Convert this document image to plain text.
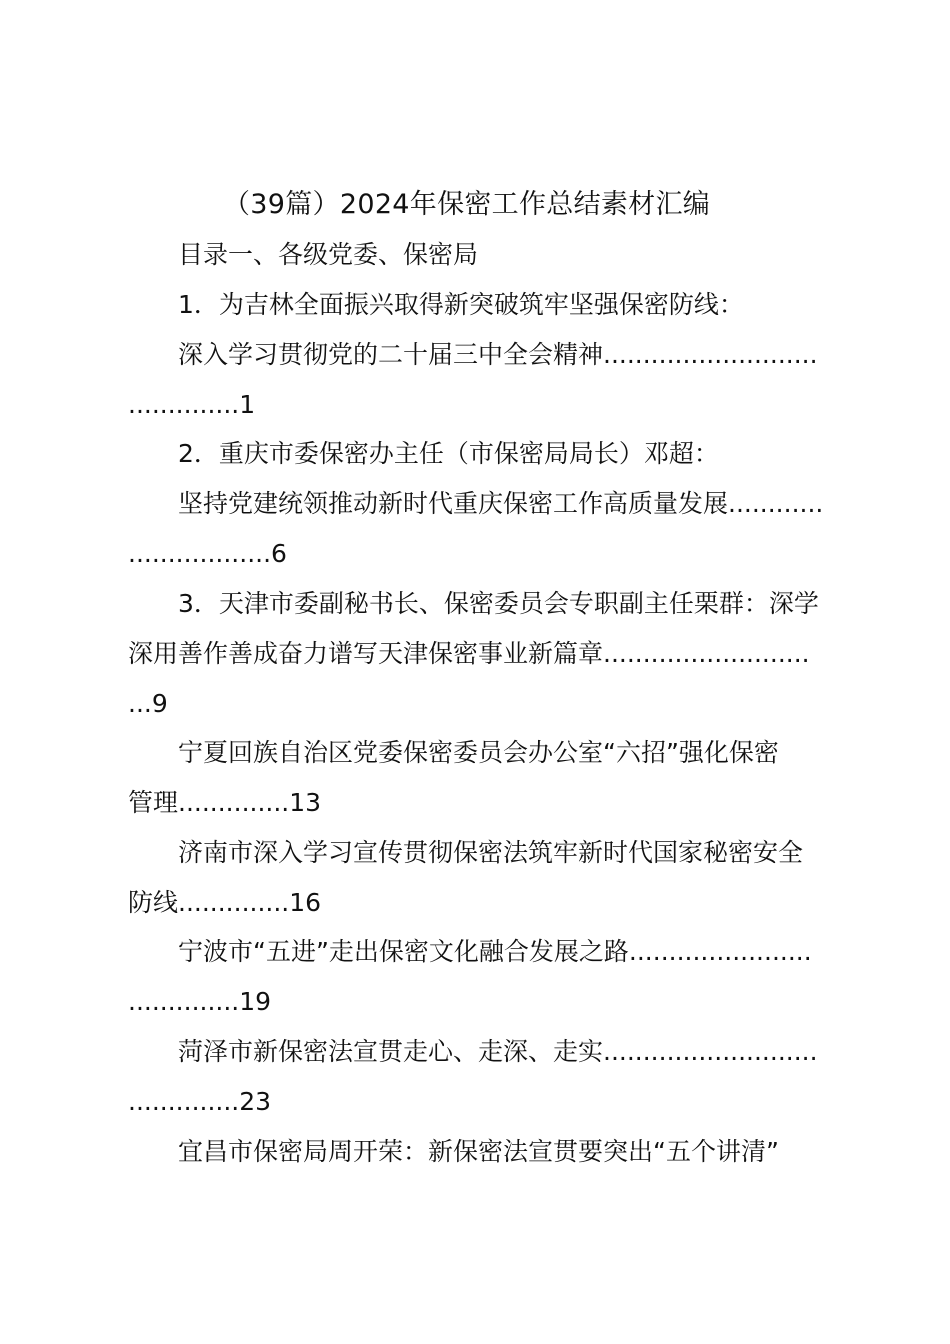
（39篇）2024年保密工作总结素材汇编
目录一、各级党委、保密局
1．为吉林全面振兴取得新突破筑牢坚强保密防线：
深入学习贯彻党的二十届三中全会精神...........................
..............1
2．重庆市委保密办主任（市保密局局长）邓超：
坚持党建统领推动新时代重庆保密工作高质量发展............
..................6
3．天津市委副秘书长、保密委员会专职副主任栗群：深学
深用善作善成奋力谱写天津保密事业新篇章..........................
...9
宁夏回族自治区党委保密委员会办公室“六招”强化保密
管理..............13
济南市深入学习宣传贯彻保密法筑牢新时代国家秘密安全
防线..............16
宁波市“五进”走出保密文化融合发展之路.......................
..............19
菏泽市新保密法宣贯走心、走深、走实...........................
..............23
宜昌市保密局周开荣：新保密法宣贯要突出“五个讲清”
